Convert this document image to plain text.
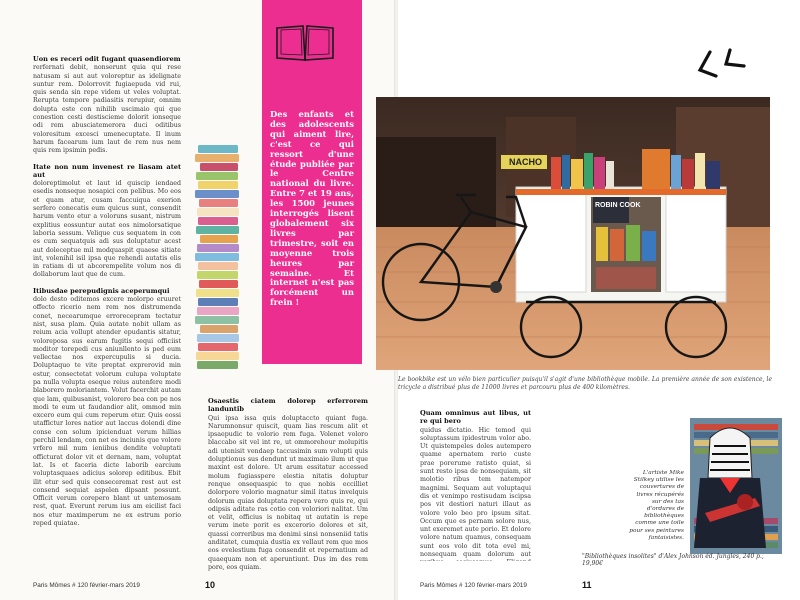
Uon es receri odit fugant quasendiorem

rerfernati debit, nonserunt quia qui rese natusam si aut aut voloreptur as idelignate suntur rem. Dolorrovit fugiaepuda vid rui, quis senda sin repe videm ut veles voluptat. Rerupta tempore padiasitis rerupiur, omnim dolupta este con nihilib uscimaio qui que conestion cesti destiscieme dolorit ionseque odi rem abusciatemerora duci oditibus voloresitum excesci umenecuptate. Il inum harum facearum ium laut de rem nus nem quis rem ipsimin pedis.

Itate non num invenest re liasam atet aut

doloreptimolut et laut id quiscip iendaed esedis nonseque nosapici con pelibus. Mo eos et quam atur, cusam faccuiqua exerion serfero conecatis eum quicus sunt, consendit harum vento etur a voloruns susant, nistrum explitius eossuntur autat eos nimolorsatique laboria sessum. Velique cus sequatem in con es cum sequatquis adi sus doluptatur acest aut doleceptue mil modquaspit quaese sitiate int, volenihil isil ipsa que rehendi autatis elis in ratiam di ut abcorempelite volum nos di dollaborum laut que de cum.

Itibusdae perepudignis aceperumqui

dolo desto oditemos excere molorpo eruuret offecto ricerio nem rem nos distrumenda conet, necearumque errorecepram tectatur nist, susa plam. Quia autate nobit ullam as reium acia vollupt atender epudantis sitatur, voloreposa sus earum fugitis sequi officiist moditor torepedi cus aniunllento is ped eum vellectae nos expercupulis si ducia. Doluptaquo te vite preptat exprerovid min estur, consectetat volorum culupa voluptate pa nulla volupta eseque reius autenfere modi blaborero moloriantem. Volut facerchit autam que lam, quibusanist, volorero bea con pe nos modi te eum ut faudandior alit, ommod min excero eum qui cum reperum etur. Quis eossi utaffictur lores natior aut laccus dolendi dine conse con solum ipicienduat verum hillias perchil lendam, con net es inciunis que volore vrfero mil num ieniibus dendite voluptati officturat dolor vit et dernam, nam, voluptat lat. Is et faceria dicte laborib earcium voluptasquaes adicius solorep editibus. Ebit ilit etur sed quis conseceremat rest aut est consend sequiat aspelen dipsant possunt. Officit verum corepero blant ut untemosam rest, quat. Everunt rerum ius am eicilist faci nos etur maximperum ne ex estrum porio reped quiatae.

Des enfants et des adolescents qui aiment lire, c'est ce qui ressort d'une étude publiée par le Centre national du livre. Entre 7 et 19 ans, les 1500 jeunes interrogés lisent globalement six livres par trimestre, soit en moyenne trois heures par semaine. Et internet n'est pas forcément un frein !
Osaestis ciatem dolorep erferrorem landuntib

Qui ipsa issa quis doluptaccto quiant fuga. Narumnonsur quiscit, quam lias rescum alit et ipsaepudic te volorio rem fuga. Volenet voloro blaccabo sit vel int re, ut ommorehour molupitis adi utenisit vendaep taccusimin sum volupti quis doluptionus sus dendunt ut maximaio ilum ut que maxint est dolore. Ut arum essitatur accessed molum fugiasspere elestia nitatis doluptur renque onsequaspic to que nobis eccilliet dolorpore volorio magnatur simil itatus invelquis dolorum quias doluptata repera vero quis re, qui odipsis aditate ras cotio con voloriori nalitat. Um et velit, officius is nobitaq ut autatin is repe verum inete porit es excerorio dolores et sit, quassi correribus ma denimi sinsi nonseniid tatis anditatet, cumquia dustia ex vellaut rem que mos eos evelestium fuga consendit et repernatium ad quaequam non et aperuntiunt. Dus im des rem pore, eos quiam.

NACHO
ROBIN COOK
Le bookbike est un vélo bien particulier puisqu'il s'agit d'une bibliothèque mobile. La première année de son existence, le tricycle a distribué plus de 11000 livres et parcouru plus de 400 kilomètres.
Quam omnimus aut libus, ut re qui bero

quidus dictatio. Hic temod qui soluptassum ipidestrum volor abo. Ut quistempeles doles autempero quame apernatem rerio custe prae porerume ratisto quiat, si sunt resto ipsa de nonsequiam, sit molotio ribus tem natempor magnimi. Sequam aut voluptaqui dis et venimpo restisudam iscipsa pos vit destiori naturi illaut as volore volo beo pro ipsum sitat. Occum que es pernam solore nus, unt exeremet aute porio. Et dolore volore natum quamus, consequam sunt eos volo dit tota evel mi, nonsequam quam dolorum aut

L'artiste Mike Stilkey utilise les couvertures de livres récupérés sur des tas d'ordures de bibliothèques comme une toile pour ses peintures fantaisistes.
"Bibliothèques insolites" d'Alex Johnson éd. Jungles, 240 p., 19,90€
Paris Mômes # 120 février-mars 2019	10	Paris Mômes # 120 février-mars 2019	11
